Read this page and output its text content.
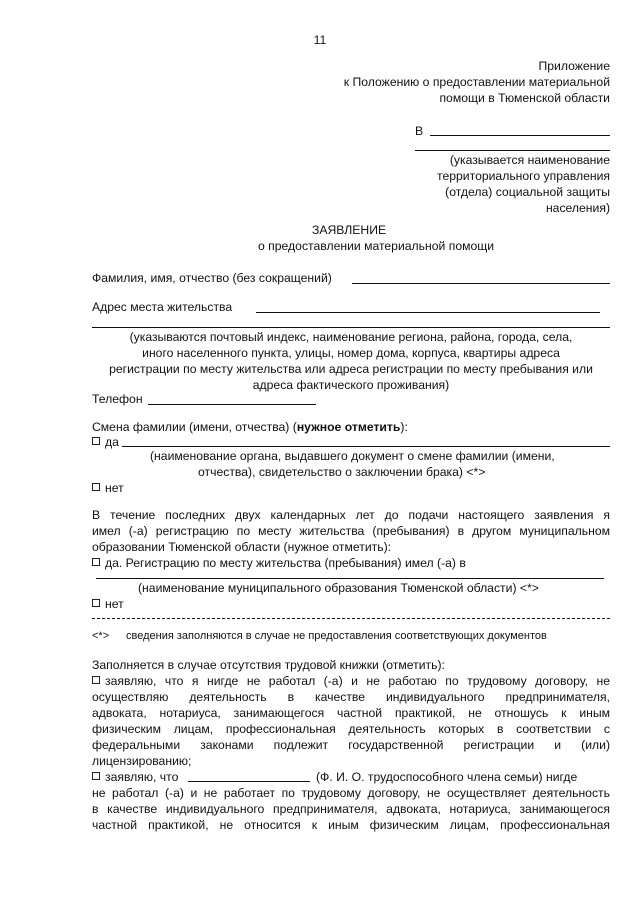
11
Приложение
к Положению о предоставлении материальной
помощи в Тюменской области
В
(указывается наименование
территориального управления
(отдела) социальной защиты
населения)
ЗАЯВЛЕНИЕ
о предоставлении материальной помощи
Фамилия, имя, отчество (без сокращений)
Адрес места жительства
(указываются почтовый индекс, наименование региона, района, города, села,
иного населенного пункта, улицы, номер дома, корпуса, квартиры адреса
регистрации по месту жительства или адреса регистрации по месту пребывания или
адреса фактического проживания)
Телефон
Смена фамилии (имени, отчества) (нужное отметить):
да
(наименование органа, выдавшего документ о смене фамилии (имени,
отчества), свидетельство о заключении брака) <*>
нет
В течение последних двух календарных лет до подачи настоящего заявления я
имел (-а) регистрацию по месту жительства (пребывания) в другом муниципальном
образовании Тюменской области (нужное отметить):
да. Регистрацию по месту жительства (пребывания) имел (-а) в
(наименование муниципального образования Тюменской области) <*>
нет
<*> сведения заполняются в случае не предоставления соответствующих документов
Заполняется в случае отсутствия трудовой книжки (отметить):
заявляю, что я нигде не работал (-а) и не работаю по трудовому договору, не
осуществляю деятельность в качестве индивидуального предпринимателя,
адвоката, нотариуса, занимающегося частной практикой, не отношусь к иным
физическим лицам, профессиональная деятельность которых в соответствии с
федеральными законами подлежит государственной регистрации и (или)
лицензированию;
заявляю, что	(Ф. И. О. трудоспособного члена семьи) нигде
не работал (-а) и не работает по трудовому договору, не осуществляет деятельность
в качестве индивидуального предпринимателя, адвоката, нотариуса, занимающегося
частной практикой, не относится к иным физическим лицам, профессиональная
